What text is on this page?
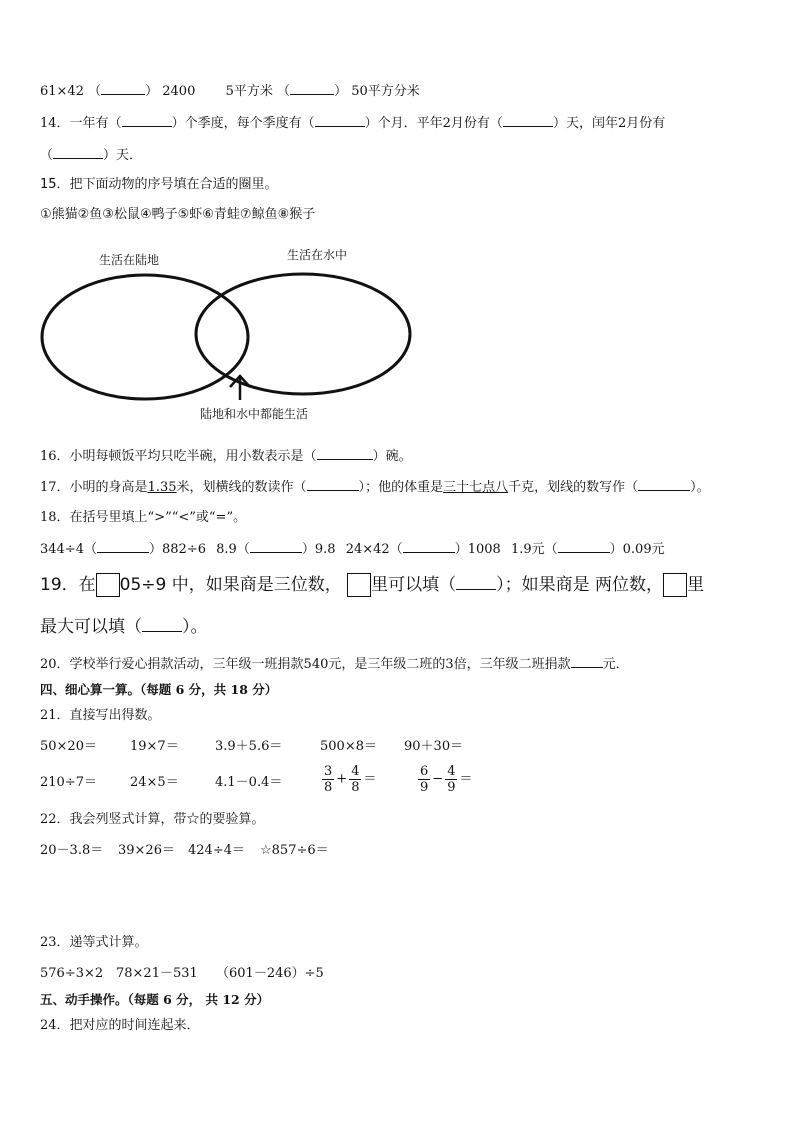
61×42 （	） 2400 5平方米 （	） 50平方分米
14．一年有（	）个季度，每个季度有（	）个月．平年2月份有（	）天，闰年2月份有
（	）天．
15．把下面动物的序号填在合适的圈里。
①熊猫②鱼③松鼠④鸭子⑤虾⑥青蛙⑦鲸鱼⑧猴子
生活在陆地	生活在水中
陆地和水中都能生活
16．小明每顿饭平均只吃半碗，用小数表示是（	）碗。
17．小明的身高是1.35米，划横线的数读作（	）；他的体重是三十七点八千克，划线的数写作（	）。
18．在括号里填上“>”“<”或“=”。
344÷4（	）882÷6 8.9（	）9.8 24×42（	）1008 1.9元（	）0.09元
19．在 05÷9 中，如果商是三位数， 里可以填（ ）；如果商是 两位数， 里
最大可以填（ ）。
20．学校举行爱心捐款活动，三年级一班捐款540元，是三年级二班的3倍，三年级二班捐款 元．
四、细心算一算。（每题 6 分，共 18 分）
21．直接写出得数。
50×20＝	19×7＝	3.9＋5.6＝	500×8＝ 90＋30＝
210÷7＝	24×5＝	4.1－0.4＝	$\frac{3}{8} + \frac{4}{8}$ ＝	$\frac{6}{9} - \frac{4}{9}$ ＝
22．我会列竖式计算，带☆的要验算。
20－3.8＝ 39×26＝ 424÷4＝ ☆857÷6＝
23．递等式计算。
576÷3×2 78×21－531 （601－246）÷5
五、动手操作。（每题 6 分， 共 12 分）
24．把对应的时间连起来．
